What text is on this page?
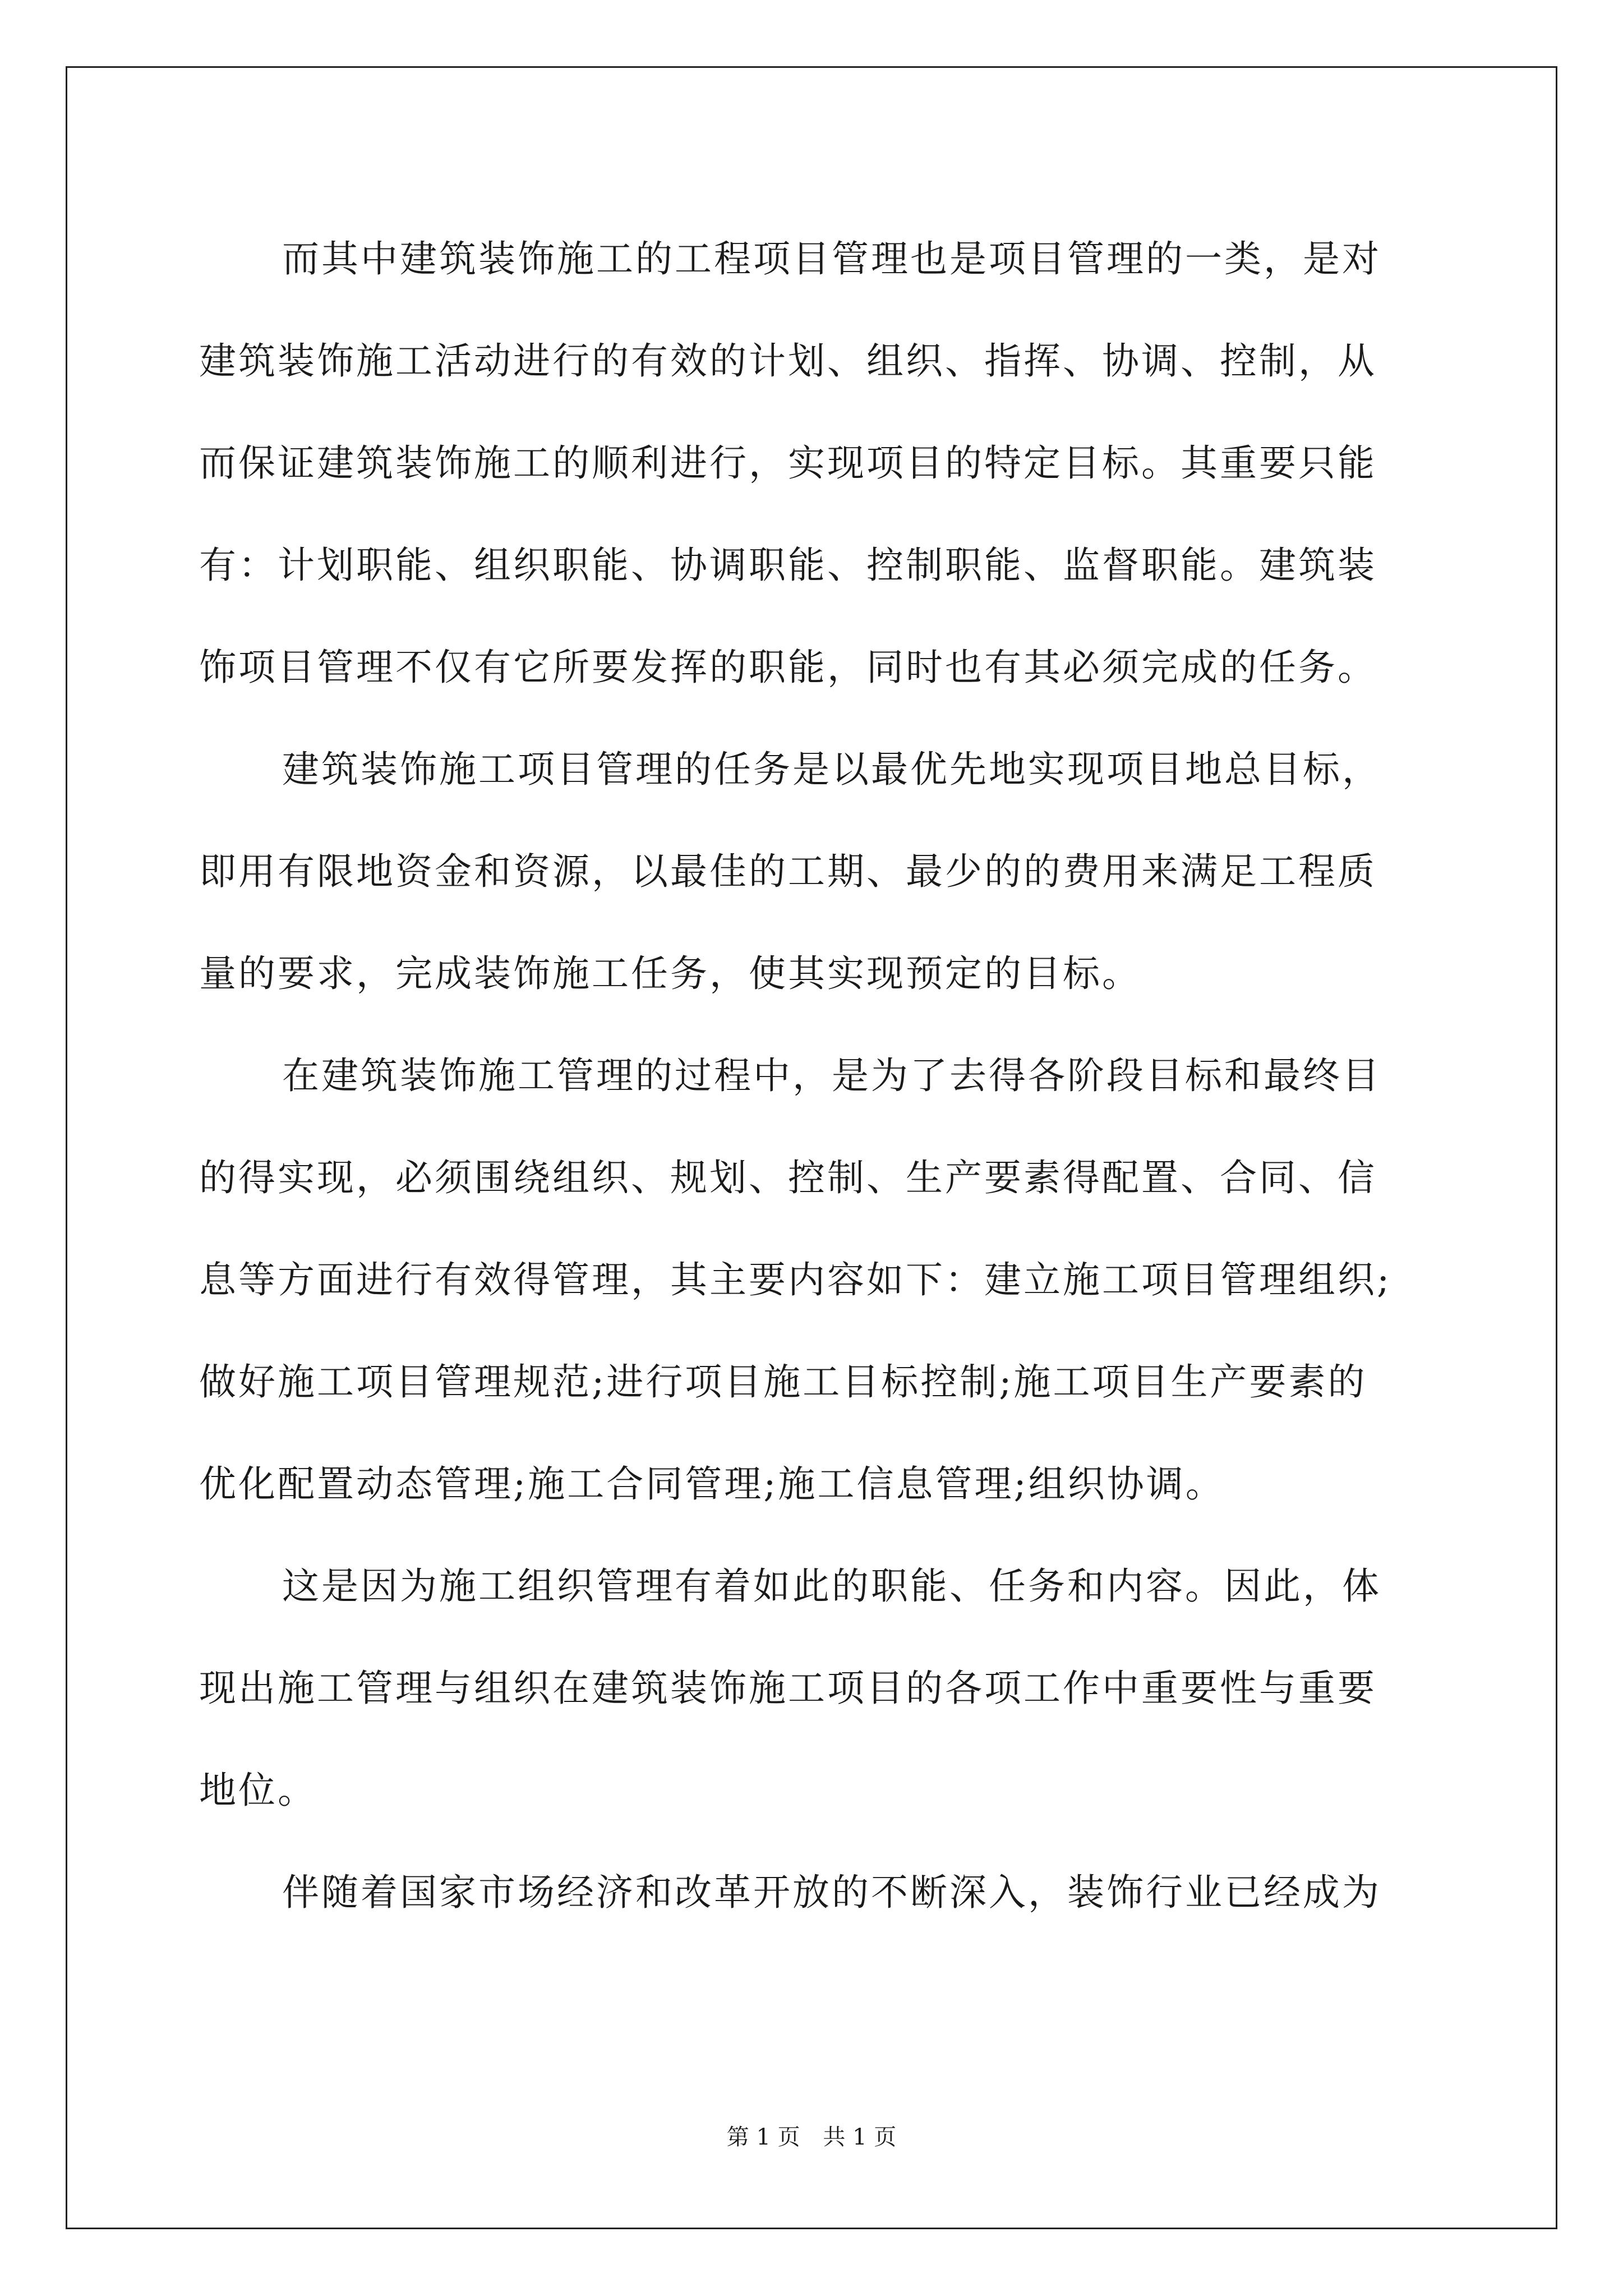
而其中建筑装饰施工的工程项目管理也是项目管理的一类，是对
建筑装饰施工活动进行的有效的计划、组织、指挥、协调、控制，从
而保证建筑装饰施工的顺利进行，实现项目的特定目标。其重要只能
有：计划职能、组织职能、协调职能、控制职能、监督职能。建筑装
饰项目管理不仅有它所要发挥的职能，同时也有其必须完成的任务。
建筑装饰施工项目管理的任务是以最优先地实现项目地总目标，
即用有限地资金和资源，以最佳的工期、最少的的费用来满足工程质
量的要求，完成装饰施工任务，使其实现预定的目标。
在建筑装饰施工管理的过程中，是为了去得各阶段目标和最终目
的得实现，必须围绕组织、规划、控制、生产要素得配置、合同、信
息等方面进行有效得管理，其主要内容如下：建立施工项目管理组织;
做好施工项目管理规范;进行项目施工目标控制;施工项目生产要素的
优化配置动态管理;施工合同管理;施工信息管理;组织协调。
这是因为施工组织管理有着如此的职能、任务和内容。因此，体
现出施工管理与组织在建筑装饰施工项目的各项工作中重要性与重要
地位。
伴随着国家市场经济和改革开放的不断深入，装饰行业已经成为
第 1 页 共 1 页
